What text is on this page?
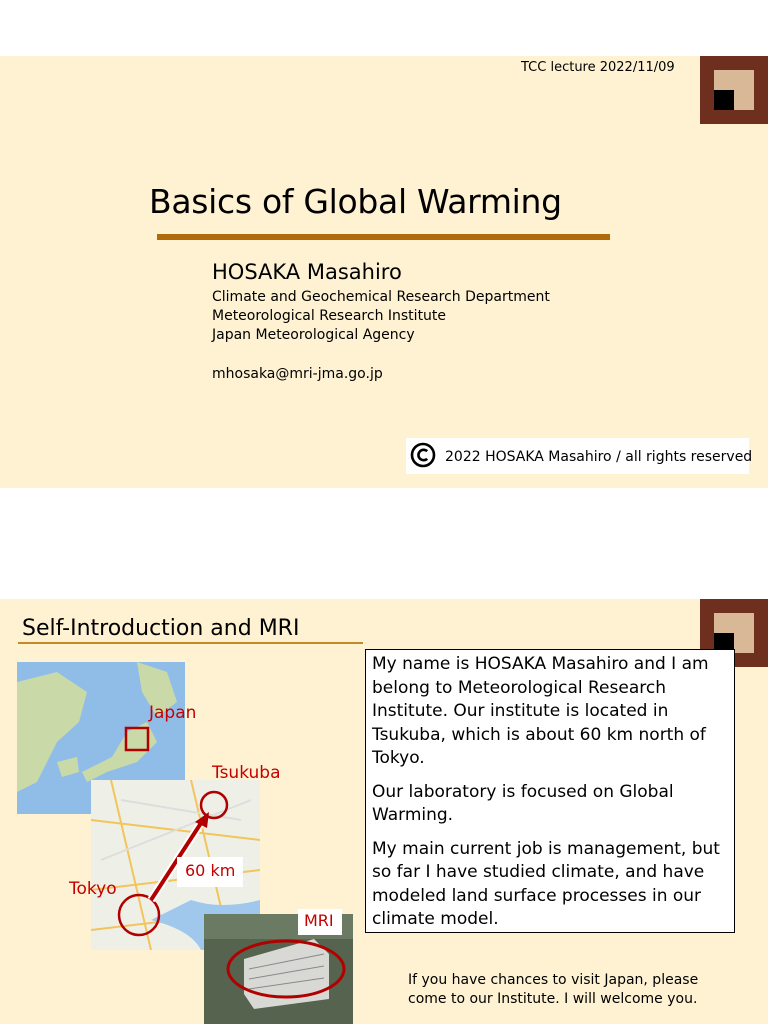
TCC lecture 2022/11/09
Basics of Global Warming
HOSAKA Masahiro
Climate and Geochemical Research Department
Meteorological Research Institute
Japan Meteorological Agency
mhosaka@mri-jma.go.jp
2022 HOSAKA Masahiro / all rights reserved
Self-Introduction and MRI
Japan
Tsukuba
Tokyo
60 km
MRI

My name is HOSAKA Masahiro and I am belong to Meteorological Research Institute. Our institute is located in Tsukuba, which is about 60 km north of Tokyo.

Our laboratory is focused on Global Warming.

My main current job is management, but so far I have studied climate, and have modeled land surface processes in our climate model.

If you have chances to visit Japan, please come to our Institute. I will welcome you.
